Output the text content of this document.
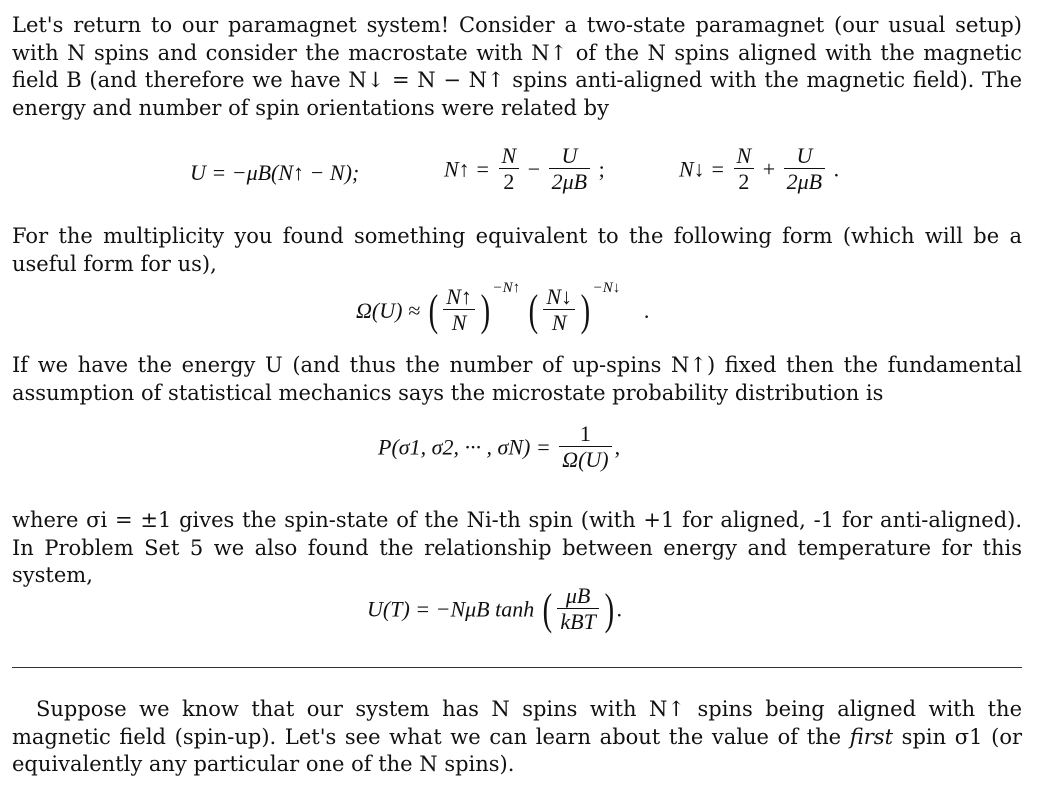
Let's return to our paramagnet system! Consider a two-state paramagnet (our usual setup) with N spins and consider the macrostate with N↑ of the N spins aligned with the magnetic field B (and therefore we have N↓ = N − N↑ spins anti-aligned with the magnetic field). The energy and number of spin orientations were related by

U = −μB(N↑ − N);	N↑ = $\frac{N}{2} - \frac{U}{2\mu B}$ ;	N↓ = $\frac{N}{2} + \frac{U}{2\mu B}$ .

For the multiplicity you found something equivalent to the following form (which will be a useful form for us),

Ω(U) ≈ ( $\frac{N↑}{N}$ ) $^{-N↑}$ ( $\frac{N↓}{N}$ ) $^{-N↓}$ .

If we have the energy U (and thus the number of up-spins N↑) fixed then the fundamental assumption of statistical mechanics says the microstate probability distribution is

P(σ1, σ2, ··· , $\sigma N) = \frac{1}{\Omega(U)}$ ,

where σi = ±1 gives the spin-state of the Ni-th spin (with +1 for aligned, -1 for anti-aligned). In Problem Set 5 we also found the relationship between energy and temperature for this system,

U(T) = −NμB tanh ( $\frac{\mu B}{\text{kBT}}$ ) .

Suppose we know that our system has N spins with N↑ spins being aligned with the magnetic field (spin-up). Let's see what we can learn about the value of the first spin σ1 (or equivalently any particular one of the N spins).
